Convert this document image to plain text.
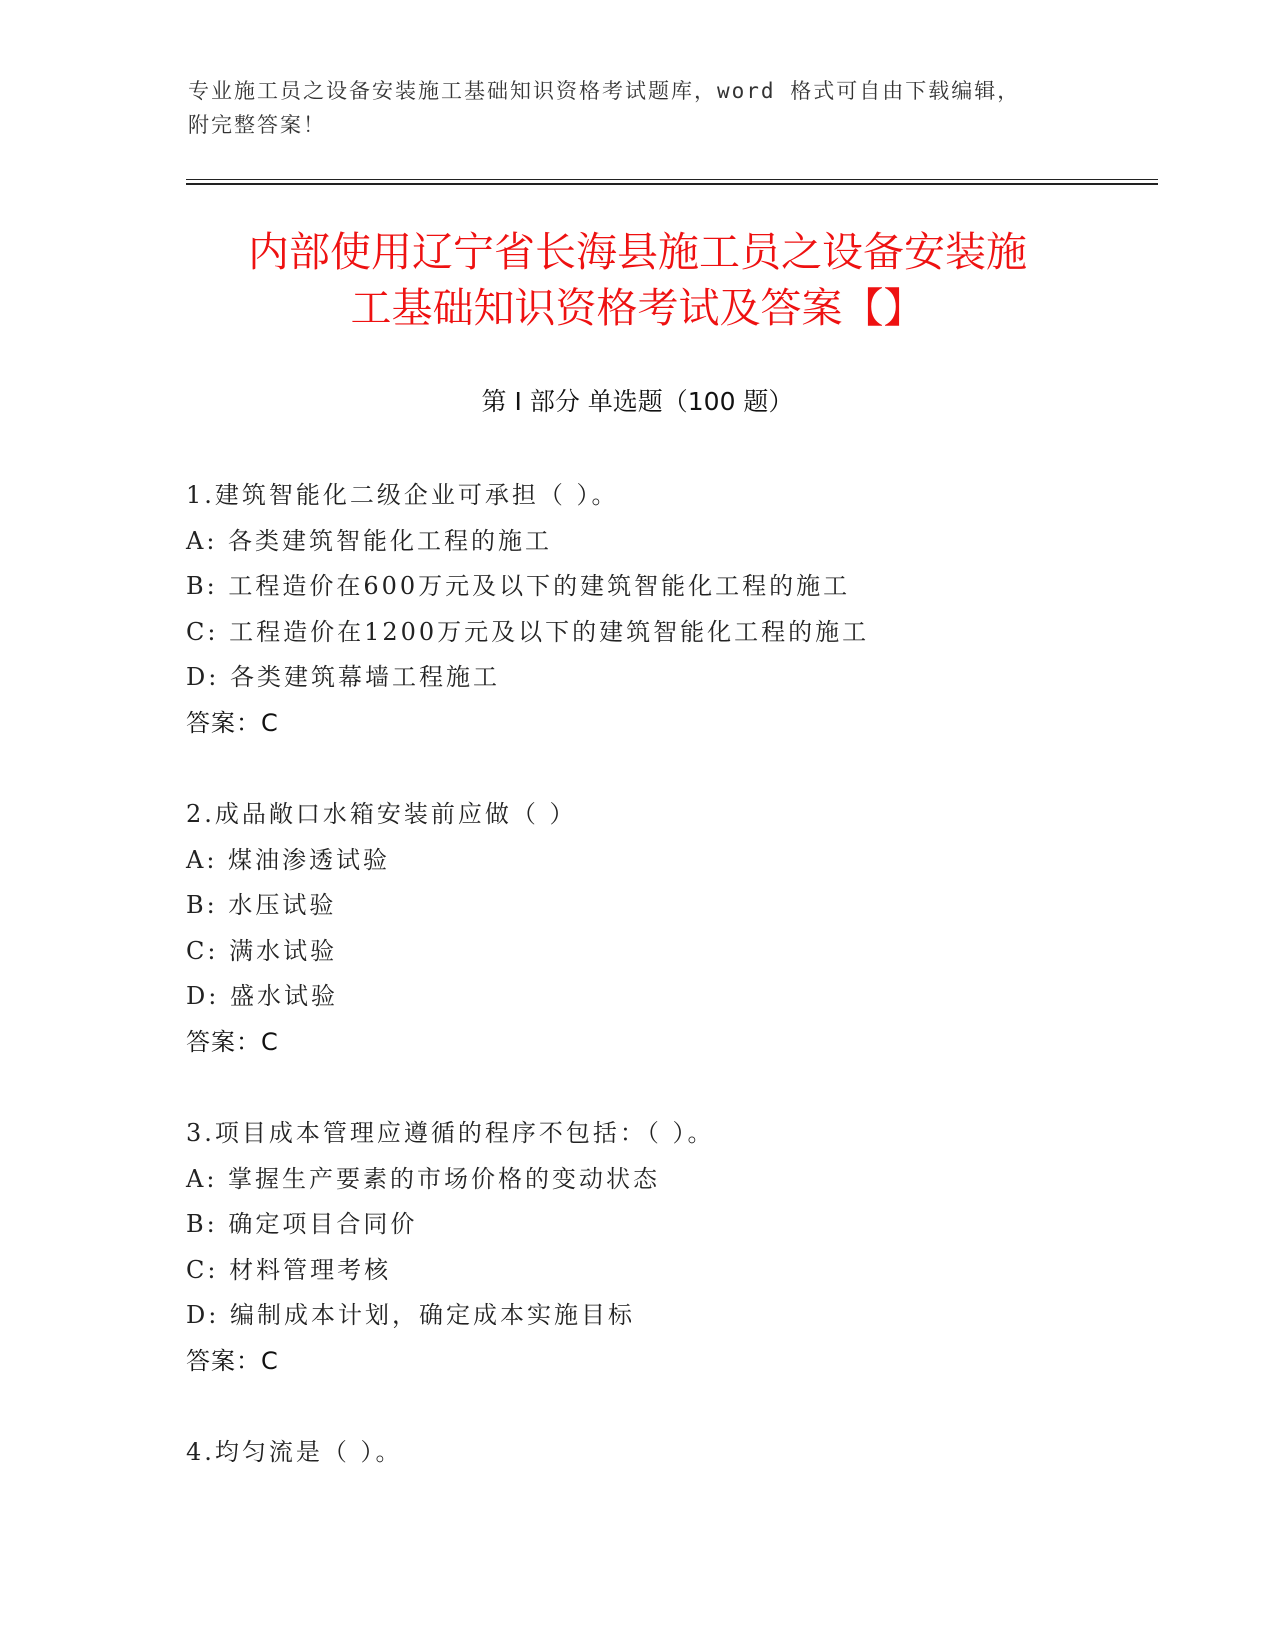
专业施工员之设备安装施工基础知识资格考试题库，word 格式可自由下载编辑，
附完整答案！
内部使用辽宁省长海县施工员之设备安装施
工基础知识资格考试及答案【】
第 I 部分 单选题（100 题）
1.建筑智能化二级企业可承担（ ）。
A: 各类建筑智能化工程的施工
B: 工程造价在600万元及以下的建筑智能化工程的施工
C: 工程造价在1200万元及以下的建筑智能化工程的施工
D: 各类建筑幕墙工程施工
答案：C
2.成品敞口水箱安装前应做（ ）
A: 煤油渗透试验
B: 水压试验
C: 满水试验
D: 盛水试验
答案：C
3.项目成本管理应遵循的程序不包括：（ ）。
A: 掌握生产要素的市场价格的变动状态
B: 确定项目合同价
C: 材料管理考核
D: 编制成本计划，确定成本实施目标
答案：C
4.均匀流是（ ）。
